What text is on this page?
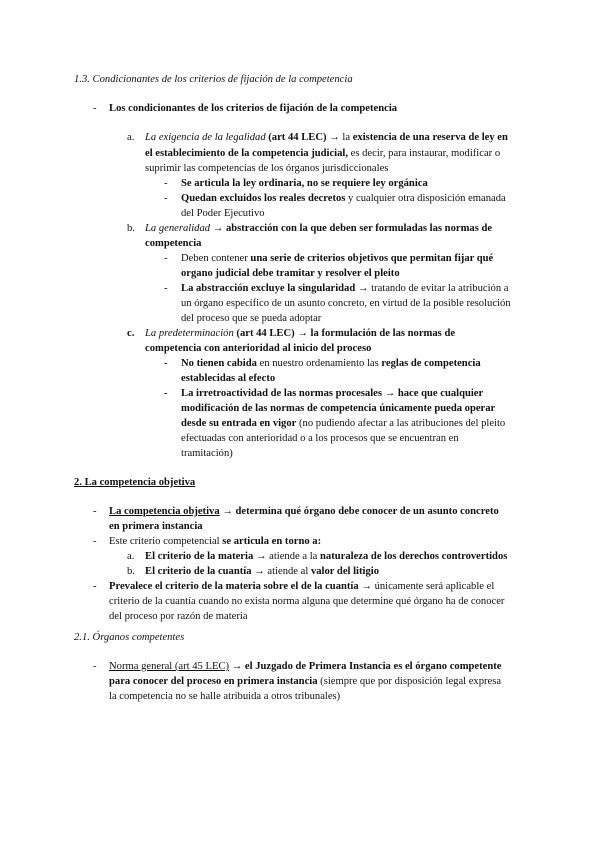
1.3. Condicionantes de los criterios de fijación de la competencia
- Los condicionantes de los criterios de fijación de la competencia
a. La exigencia de la legalidad (art 44 LEC) → la existencia de una reserva de ley en
el establecimiento de la competencia judicial, es decir, para instaurar, modificar o
suprimir las competencias de los órganos jurisdiccionales
- Se articula la ley ordinaria, no se requiere ley orgánica
- Quedan excluidos los reales decretos y cualquier otra disposición emanada
del Poder Ejecutivo
b. La generalidad → abstracción con la que deben ser formuladas las normas de
competencia
- Deben contener una serie de criterios objetivos que permitan fijar qué
organo judicial debe tramitar y resolver el pleito
- La abstracción excluye la singularidad → tratando de evitar la atribución a
un órgano específico de un asunto concreto, en virtud de la posible resolución
del proceso que se pueda adoptar
c. La predeterminación (art 44 LEC) → la formulación de las normas de
competencia con anterioridad al inicio del proceso
- No tienen cabida en nuestro ordenamiento las reglas de competencia
establecidas al efecto
- La irretroactividad de las normas procesales → hace que cualquier
modificación de las normas de competencia únicamente pueda operar
desde su entrada en vigor (no pudiendo afectar a las atribuciones del pleito
efectuadas con anterioridad o a los procesos que se encuentran en
tramitación)
2. La competencia objetiva
- La competencia objetiva → determina qué órgano debe conocer de un asunto concreto
en primera instancia
- Este criterio competencial se articula en torno a:
a. El criterio de la materia → atiende a la naturaleza de los derechos controvertidos
b. El criterio de la cuantía → atiende al valor del litigio
- Prevalece el criterio de la materia sobre el de la cuantía → únicamente será aplicable el
criterio de la cuantía cuando no exista norma alguna que determine qué órgano ha de conocer
del proceso por razón de materia
2.1. Órganos competentes
- Norma general (art 45 LEC) → el Juzgado de Primera Instancia es el órgano competente
para conocer del proceso en primera instancia (siempre que por disposición legal expresa
la competencia no se halle atribuida a otros tribunales)
